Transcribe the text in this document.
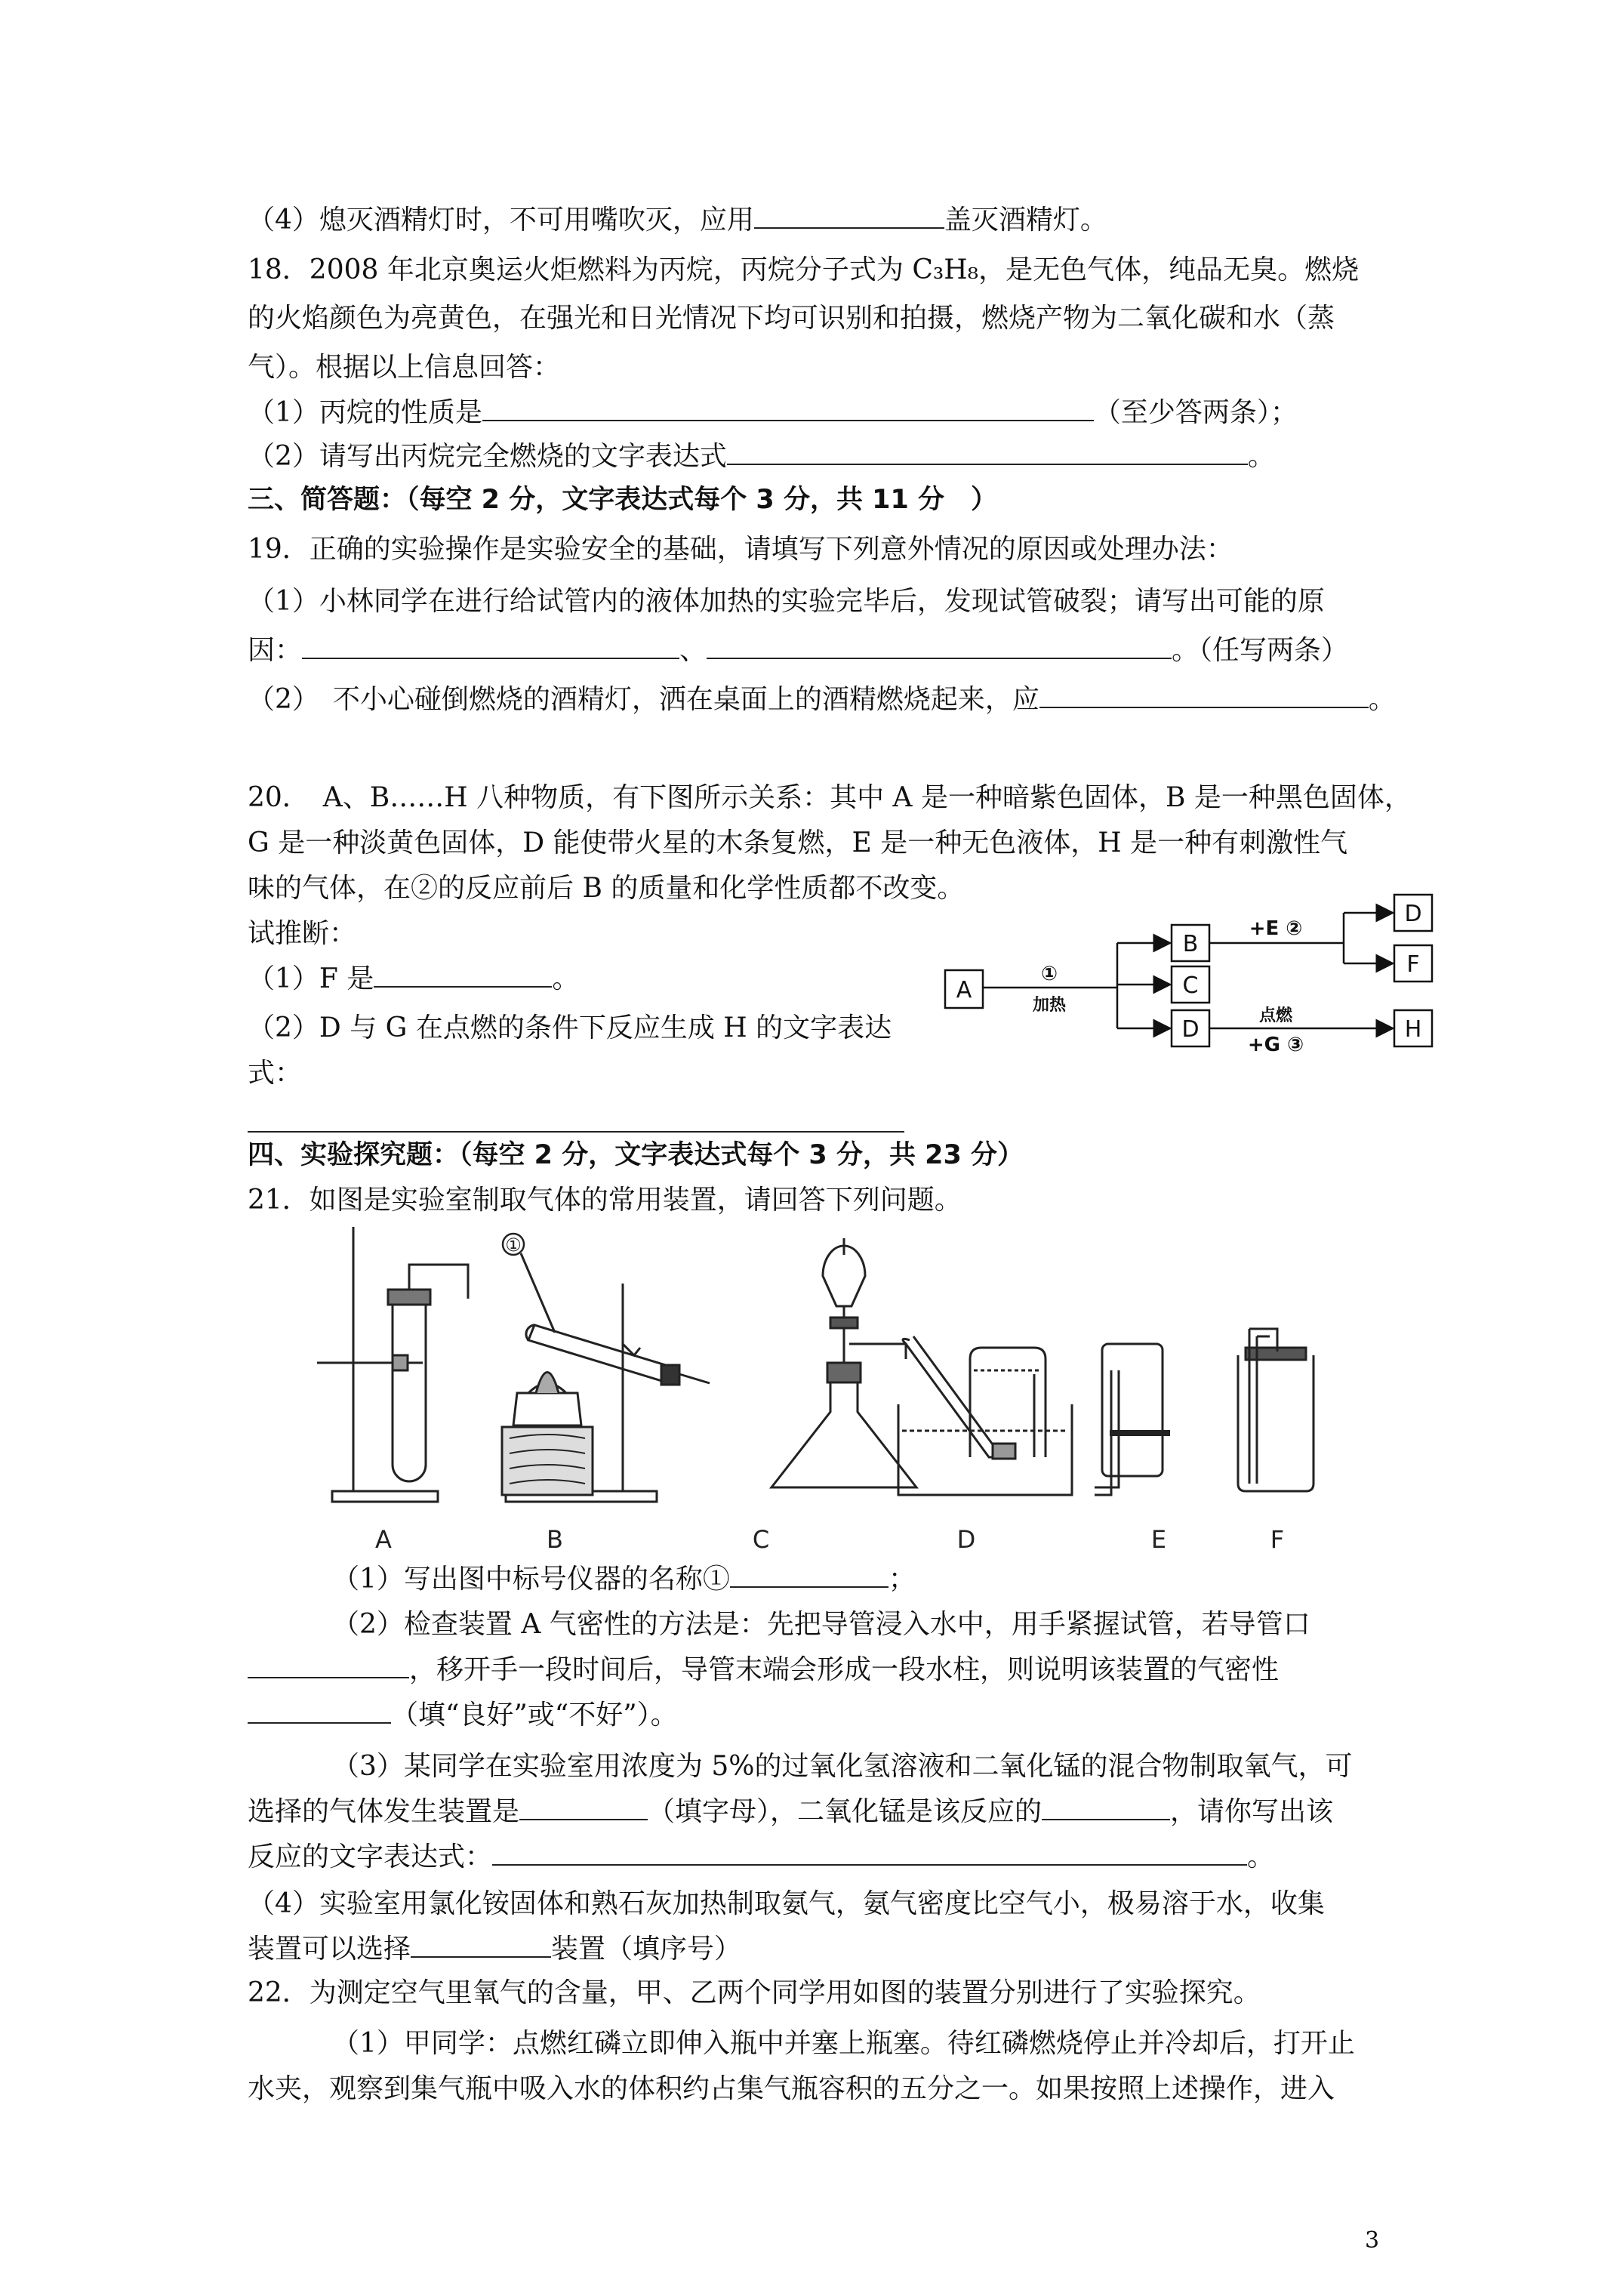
（4）熄灭酒精灯时，不可用嘴吹灭，应用	盖灭酒精灯。
18．2008 年北京奥运火炬燃料为丙烷，丙烷分子式为 C₃H₈，是无色气体，纯品无臭。燃烧
的火焰颜色为亮黄色，在强光和日光情况下均可识别和拍摄，燃烧产物为二氧化碳和水（蒸
气）。根据以上信息回答：
（1）丙烷的性质是	（至少答两条）；
（2）请写出丙烷完全燃烧的文字表达式	。
三、简答题：（每空 2 分，文字表达式每个 3 分，共 11 分　）
19．正确的实验操作是实验安全的基础，请填写下列意外情况的原因或处理办法：
（1）小林同学在进行给试管内的液体加热的实验完毕后，发现试管破裂；请写出可能的原
因：	、	。（任写两条）
（2）　不小心碰倒燃烧的酒精灯，洒在桌面上的酒精燃烧起来，应	。
20．　A、B……H 八种物质，有下图所示关系：其中 A 是一种暗紫色固体，B 是一种黑色固体，
G 是一种淡黄色固体，D 能使带火星的木条复燃，E 是一种无色液体，H 是一种有刺激性气
味的气体，在②的反应前后 B 的质量和化学性质都不改变。
试推断：
（1）F 是	。
（2）D 与 G 在点燃的条件下反应生成 H 的文字表达
式：
四、实验探究题：（每空 2 分，文字表达式每个 3 分，共 23 分）
21．如图是实验室制取气体的常用装置，请回答下列问题。
（1）写出图中标号仪器的名称①	；
（2）检查装置 A 气密性的方法是：先把导管浸入水中，用手紧握试管，若导管口
，移开手一段时间后，导管末端会形成一段水柱，则说明该装置的气密性
（填“良好”或“不好”）。
（3）某同学在实验室用浓度为 5%的过氧化氢溶液和二氧化锰的混合物制取氧气，可
选择的气体发生装置是	（填字母），二氧化锰是该反应的	，请你写出该
反应的文字表达式：	。
（4）实验室用氯化铵固体和熟石灰加热制取氨气，氨气密度比空气小，极易溶于水，收集
装置可以选择	装置（填序号）
22．为测定空气里氧气的含量，甲、乙两个同学用如图的装置分别进行了实验探究。
（1）甲同学：点燃红磷立即伸入瓶中并塞上瓶塞。待红磷燃烧停止并冷却后，打开止
水夹，观察到集气瓶中吸入水的体积约占集气瓶容积的五分之一。如果按照上述操作，进入
3
A
B
C
D
D
F
H
①
加热
+E ②
点燃
+G ③
①
A	B	C	D	E	F
